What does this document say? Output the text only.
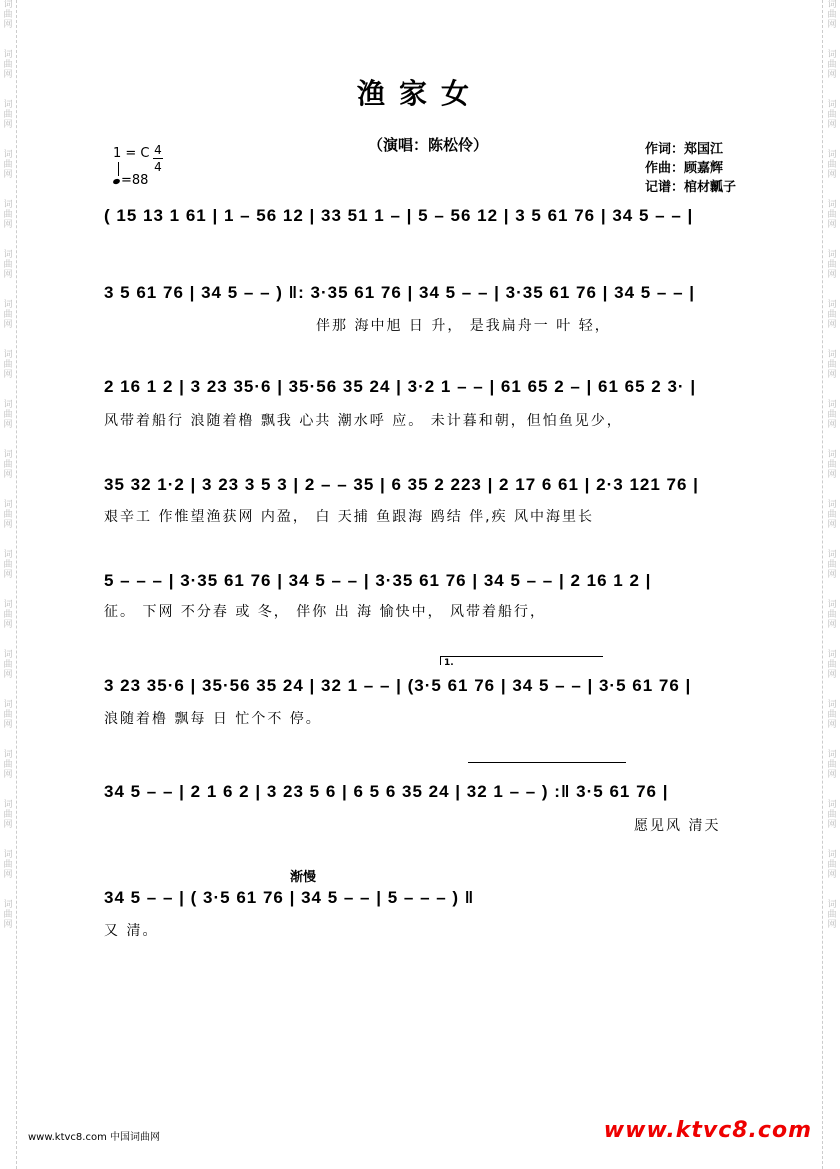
词
曲
网

词
曲
网

词
曲
网

词
曲
网

词
曲
网

词
曲
网

词
曲
网

词
曲
网

词
曲
网

词
曲
网

词
曲
网

词
曲
网

词
曲
网

词
曲
网

词
曲
网

词
曲
网

词
曲
网

词
曲
网

词
曲
网

词
曲
网

词
曲
网

词
曲
网

词
曲
网

词
曲
网

词
曲
网

词
曲
网

词
曲
网

词
曲
网

词
曲
网

词
曲
网

词
曲
网

词
曲
网

词
曲
网

词
曲
网

词
曲
网

词
曲
网

词
曲
网

词
曲
网

渔家女
（演唱：陈松伶）	作词：郑国江
作曲：顾嘉辉
记谱：棺材瓤子
1 = C 4
4
=88
( 15 13 1 61 | 1 – 56 12 | 33 51 1 – | 5 – 56 12 | 3 5 61 76 | 34 5 – – |
3 5 61 76 | 34 5 – – ) ‖: 3·35 61 76 | 34 5 – – | 3·35 61 76 | 34 5 – – |
伴那 海中旭 日 升， 是我扁舟一 叶 轻，
2 16 1 2 | 3 23 35·6 | 35·56 35 24 | 3·2 1 – – | 61 65 2 – | 61 65 2 3· |
风带着船行 浪随着橹 飘我 心共 潮水呼 应。 未计暮和朝，但怕鱼见少，
35 32 1·2 | 3 23 3 5 3 | 2 – – 35 | 6 35 2 223 | 2 17 6 61 | 2·3 121 76 |
艰辛工 作惟望渔获网 内盈， 白 天捕 鱼跟海 鸥结 伴,疾 风中海里长
5 – – – | 3·35 61 76 | 34 5 – – | 3·35 61 76 | 34 5 – – | 2 16 1 2 |
征。 下网 不分春 或 冬， 伴你 出 海 愉快中， 风带着船行，
1.
3 23 35·6 | 35·56 35 24 | 32 1 – – | (3·5 61 76 | 34 5 – – | 3·5 61 76 |
浪随着橹 飘每 日 忙个不 停。
34 5 – – | 2 1 6 2 | 3 23 5 6 | 6 5 6 35 24 | 32 1 – – ) :‖ 3·5 61 76 |
愿见风 清天
渐慢
34 5 – – | ( 3·5 61 76 | 34 5 – – | 5 – – – ) ‖
又 清。
www.ktvc8.com 中国词曲网	www.ktvc8.com
